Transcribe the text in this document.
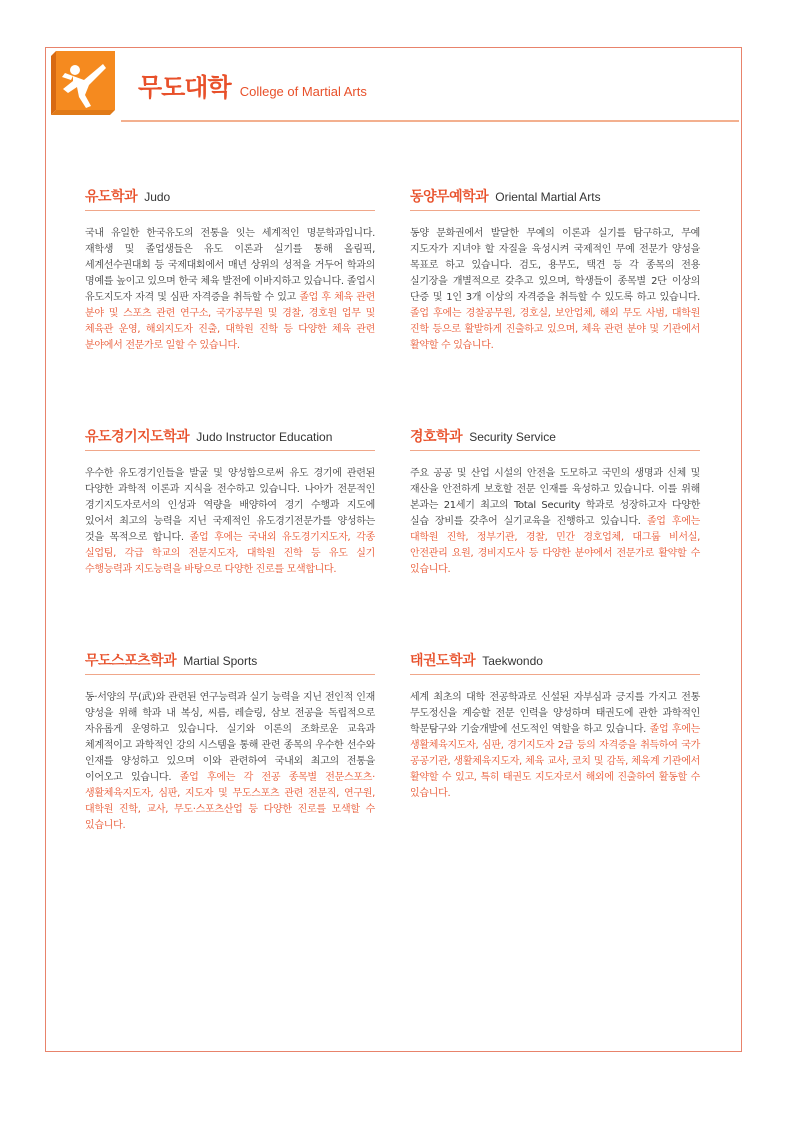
무도대학 College of Martial Arts
유도학과 Judo

국내 유일한 한국유도의 전통을 잇는 세계적인 명문학과입니다. 재학생 및 졸업생들은 유도 이론과 실기를 통해 올림픽, 세계선수권대회 등 국제대회에서 매년 상위의 성적을 거두어 학과의 명예를 높이고 있으며 한국 체육 발전에 이바지하고 있습니다. 졸업시 유도지도자 자격 및 심판 자격증을 취득할 수 있고 졸업 후 체육 관련 분야 및 스포츠 관련 연구소, 국가공무원 및 경찰, 경호원 업무 및 체육관 운영, 해외지도자 진출, 대학원 진학 등 다양한 체육 관련 분야에서 전문가로 일할 수 있습니다.

동양무예학과 Oriental Martial Arts

동양 문화권에서 발달한 무예의 이론과 실기를 탐구하고, 무예 지도자가 지녀야 할 자질을 육성시켜 국제적인 무예 전문가 양성을 목표로 하고 있습니다. 검도, 용무도, 택견 등 각 종목의 전용 실기장을 개별적으로 갖추고 있으며, 학생들이 종목별 2단 이상의 단증 및 1인 3개 이상의 자격증을 취득할 수 있도록 하고 있습니다. 졸업 후에는 경찰공무원, 경호실, 보안업체, 해외 무도 사범, 대학원 진학 등으로 활발하게 진출하고 있으며, 체육 관련 분야 및 기관에서 활약할 수 있습니다.

유도경기지도학과 Judo Instructor Education

우수한 유도경기인들을 발굴 및 양성함으로써 유도 경기에 관련된 다양한 과학적 이론과 지식을 전수하고 있습니다. 나아가 전문적인 경기지도자로서의 인성과 역량을 배양하여 경기 수행과 지도에 있어서 최고의 능력을 지닌 국제적인 유도경기전문가를 양성하는 것을 목적으로 합니다. 졸업 후에는 국내외 유도경기지도자, 각종 실업팀, 각급 학교의 전문지도자, 대학원 진학 등 유도 실기 수행능력과 지도능력을 바탕으로 다양한 진로를 모색합니다.

경호학과 Security Service

주요 공공 및 산업 시설의 안전을 도모하고 국민의 생명과 신체 및 재산을 안전하게 보호할 전문 인재를 육성하고 있습니다. 이를 위해 본과는 21세기 최고의 Total Security 학과로 성장하고자 다양한 실습 장비를 갖추어 실기교육을 진행하고 있습니다. 졸업 후에는 대학원 진학, 정부기관, 경찰, 민간 경호업체, 대그룹 비서실, 안전관리 요원, 경비지도사 등 다양한 분야에서 전문가로 활약할 수 있습니다.

무도스포츠학과 Martial Sports

동·서양의 무(武)와 관련된 연구능력과 실기 능력을 지닌 전인적 인재 양성을 위해 학과 내 복싱, 씨름, 레슬링, 삼보 전공을 독립적으로 자유롭게 운영하고 있습니다. 실기와 이론의 조화로운 교육과 체계적이고 과학적인 강의 시스템을 통해 관련 종목의 우수한 선수와 인재를 양성하고 있으며 이와 관련하여 국내외 최고의 전통을 이어오고 있습니다. 졸업 후에는 각 전공 종목별 전문스포츠·생활체육지도자, 심판, 지도자 및 무도스포츠 관련 전문직, 연구원, 대학원 진학, 교사, 무도·스포츠산업 등 다양한 진로를 모색할 수 있습니다.

태권도학과 Taekwondo

세계 최초의 대학 전공학과로 신설된 자부심과 긍지를 가지고 전통 무도정신을 계승할 전문 인력을 양성하며 태권도에 관한 과학적인 학문탐구와 기술개발에 선도적인 역할을 하고 있습니다. 졸업 후에는 생활체육지도자, 심판, 경기지도자 2급 등의 자격증을 취득하여 국가 공공기관, 생활체육지도자, 체육 교사, 코치 및 감독, 체육계 기관에서 활약할 수 있고, 특히 태권도 지도자로서 해외에 진출하여 활동할 수 있습니다.
